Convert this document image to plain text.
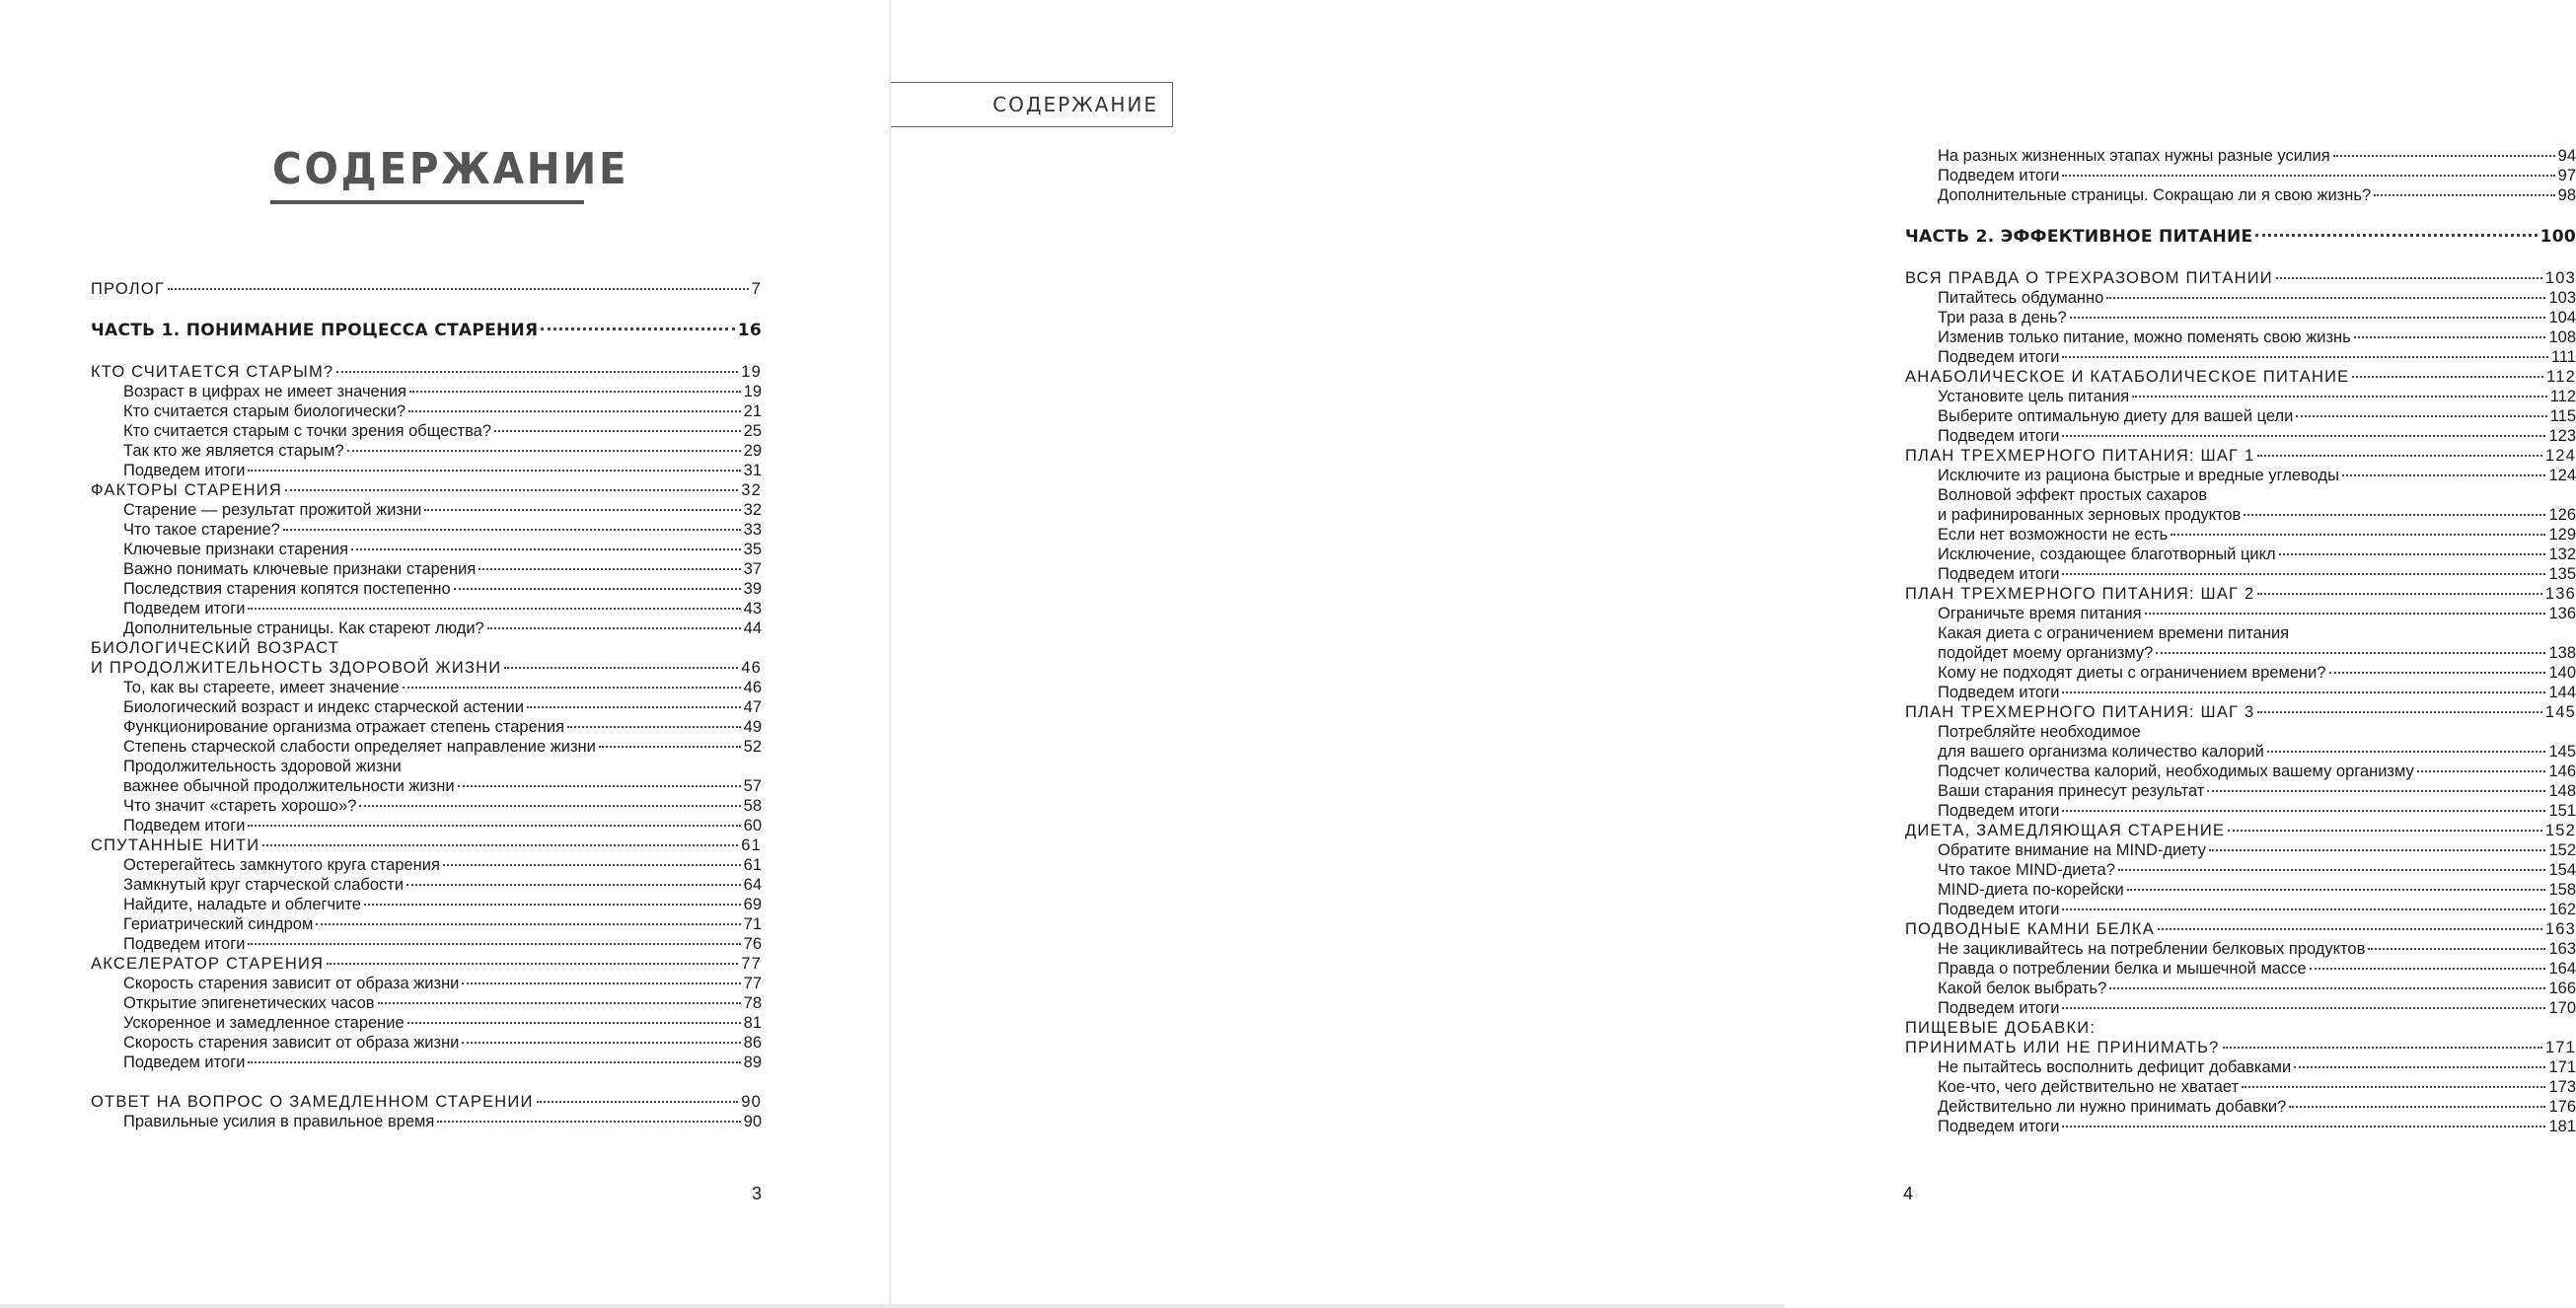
СОДЕРЖАНИЕ
ПРОЛОГ	7
ЧАСТЬ 1. ПОНИМАНИЕ ПРОЦЕССА СТАРЕНИЯ	16
КТО СЧИТАЕТСЯ СТАРЫМ?	19
Возраст в цифрах не имеет значения	19
Кто считается старым биологически?	21
Кто считается старым с точки зрения общества?	25
Так кто же является старым?	29
Подведем итоги	31
ФАКТОРЫ СТАРЕНИЯ	32
Старение — результат прожитой жизни	32
Что такое старение?	33
Ключевые признаки старения	35
Важно понимать ключевые признаки старения	37
Последствия старения копятся постепенно	39
Подведем итоги	43
Дополнительные страницы. Как стареют люди?	44
БИОЛОГИЧЕСКИЙ ВОЗРАСТ
И ПРОДОЛЖИТЕЛЬНОСТЬ ЗДОРОВОЙ ЖИЗНИ	46
То, как вы стареете, имеет значение	46
Биологический возраст и индекс старческой астении	47
Функционирование организма отражает степень старения	49
Степень старческой слабости определяет направление жизни	52
Продолжительность здоровой жизни
важнее обычной продолжительности жизни	57
Что значит «стареть хорошо»?	58
Подведем итоги	60
СПУТАННЫЕ НИТИ	61
Остерегайтесь замкнутого круга старения	61
Замкнутый круг старческой слабости	64
Найдите, наладьте и облегчите	69
Гериатрический синдром	71
Подведем итоги	76
АКСЕЛЕРАТОР СТАРЕНИЯ	77
Скорость старения зависит от образа жизни	77
Открытие эпигенетических часов	78
Ускоренное и замедленное старение	81
Скорость старения зависит от образа жизни	86
Подведем итоги	89
ОТВЕТ НА ВОПРОС О ЗАМЕДЛЕННОМ СТАРЕНИИ	90
Правильные усилия в правильное время	90
3
СОДЕРЖАНИЕ
На разных жизненных этапах нужны разные усилия	94
Подведем итоги	97
Дополнительные страницы. Сокращаю ли я свою жизнь?	98
ЧАСТЬ 2. ЭФФЕКТИВНОЕ ПИТАНИЕ	100
ВСЯ ПРАВДА О ТРЕХРАЗОВОМ ПИТАНИИ	103
Питайтесь обдуманно	103
Три раза в день?	104
Изменив только питание, можно поменять свою жизнь	108
Подведем итоги	111
АНАБОЛИЧЕСКОЕ И КАТАБОЛИЧЕСКОЕ ПИТАНИЕ	112
Установите цель питания	112
Выберите оптимальную диету для вашей цели	115
Подведем итоги	123
ПЛАН ТРЕХМЕРНОГО ПИТАНИЯ: ШАГ 1	124
Исключите из рациона быстрые и вредные углеводы	124
Волновой эффект простых сахаров
и рафинированных зерновых продуктов	126
Если нет возможности не есть	129
Исключение, создающее благотворный цикл	132
Подведем итоги	135
ПЛАН ТРЕХМЕРНОГО ПИТАНИЯ: ШАГ 2	136
Ограничьте время питания	136
Какая диета с ограничением времени питания
подойдет моему организму?	138
Кому не подходят диеты с ограничением времени?	140
Подведем итоги	144
ПЛАН ТРЕХМЕРНОГО ПИТАНИЯ: ШАГ 3	145
Потребляйте необходимое
для вашего организма количество калорий	145
Подсчет количества калорий, необходимых вашему организму	146
Ваши старания принесут результат	148
Подведем итоги	151
ДИЕТА, ЗАМЕДЛЯЮЩАЯ СТАРЕНИЕ	152
Обратите внимание на MIND-диету	152
Что такое MIND-диета?	154
MIND-диета по-корейски	158
Подведем итоги	162
ПОДВОДНЫЕ КАМНИ БЕЛКА	163
Не зацикливайтесь на потреблении белковых продуктов	163
Правда о потреблении белка и мышечной массе	164
Какой белок выбрать?	166
Подведем итоги	170
ПИЩЕВЫЕ ДОБАВКИ:
ПРИНИМАТЬ ИЛИ НЕ ПРИНИМАТЬ?	171
Не пытайтесь восполнить дефицит добавками	171
Кое-что, чего действительно не хватает	173
Действительно ли нужно принимать добавки?	176
Подведем итоги	181
4
